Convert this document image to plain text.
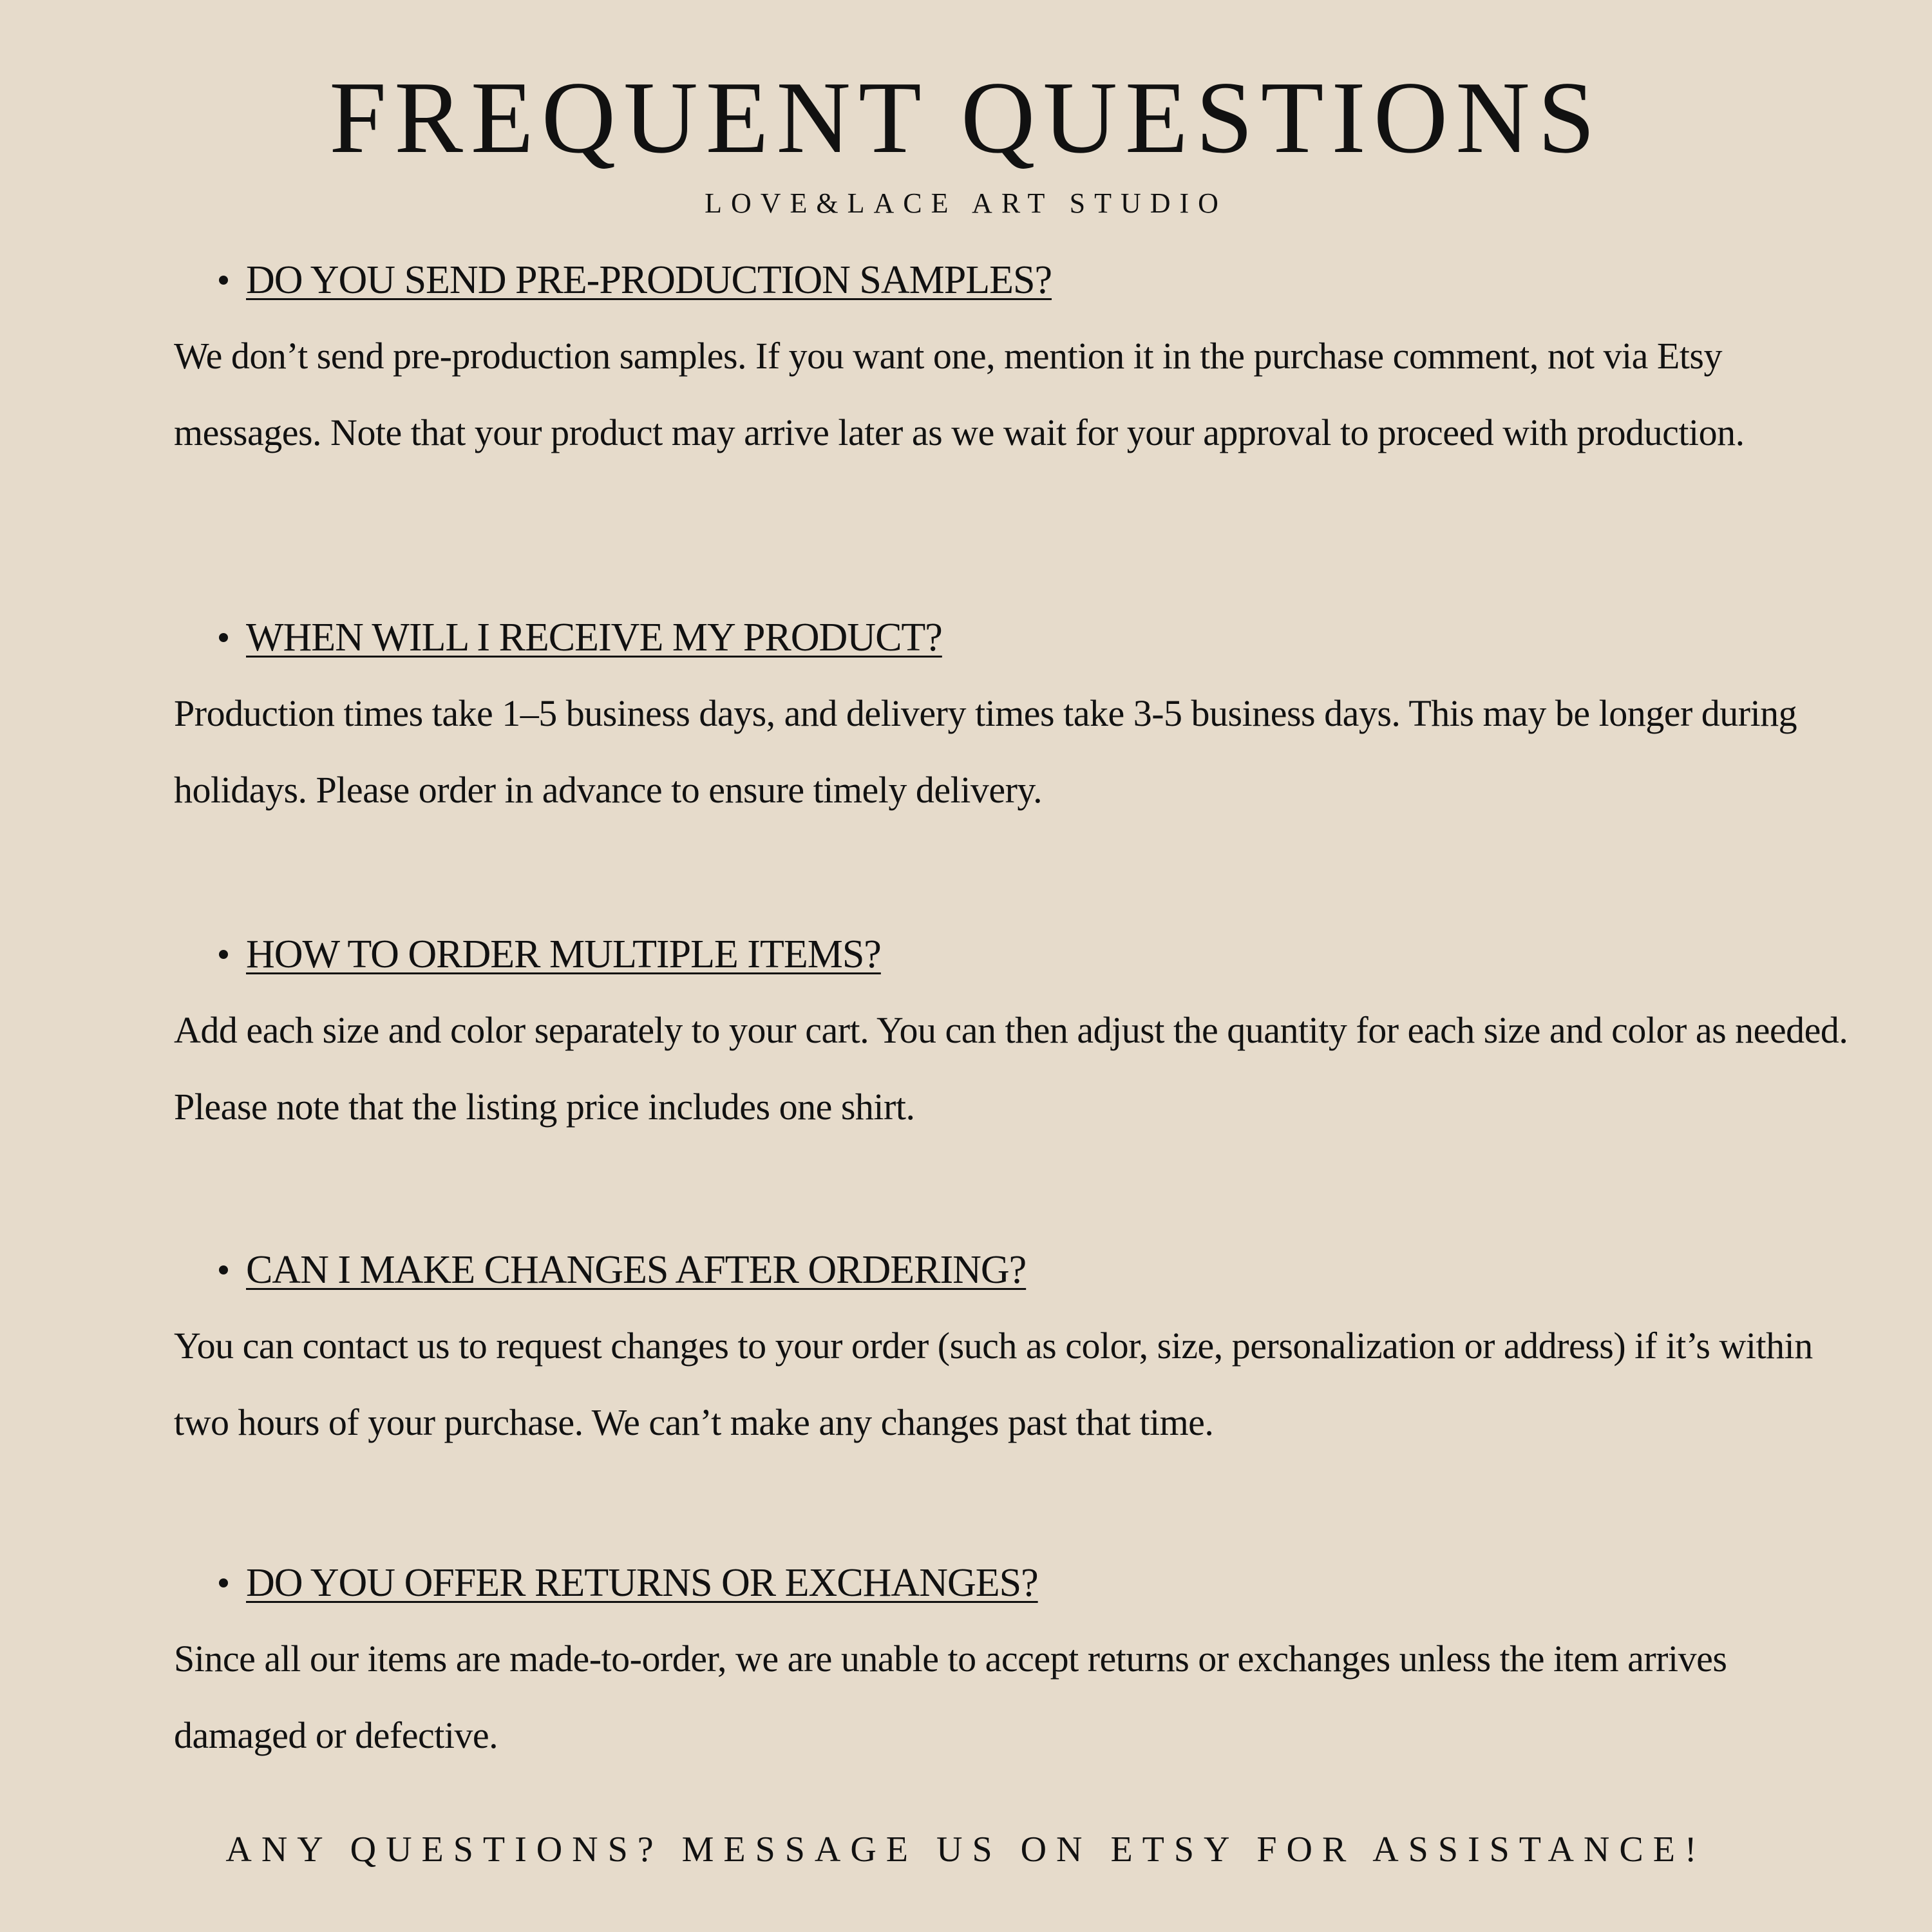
FREQUENT QUESTIONS
LOVE&LACE ART STUDIO
DO YOU SEND PRE-PRODUCTION SAMPLES?

We don’t send pre-production samples. If you want one, mention it in the purchase comment, not via Etsy messages. Note that your product may arrive later as we wait for your approval to proceed with production.

WHEN WILL I RECEIVE MY PRODUCT?

Production times take 1–5 business days, and delivery times take 3-5 business days. This may be longer during holidays. Please order in advance to ensure timely delivery.

HOW TO ORDER MULTIPLE ITEMS?

Add each size and color separately to your cart. You can then adjust the quantity for each size and color as needed. Please note that the listing price includes one shirt.

CAN I MAKE CHANGES AFTER ORDERING?

You can contact us to request changes to your order (such as color, size, personalization or address) if it’s within two hours of your purchase. We can’t make any changes past that time.

DO YOU OFFER RETURNS OR EXCHANGES?

Since all our items are made-to-order, we are unable to accept returns or exchanges unless the item arrives damaged or defective.

ANY QUESTIONS? MESSAGE US ON ETSY FOR ASSISTANCE!
